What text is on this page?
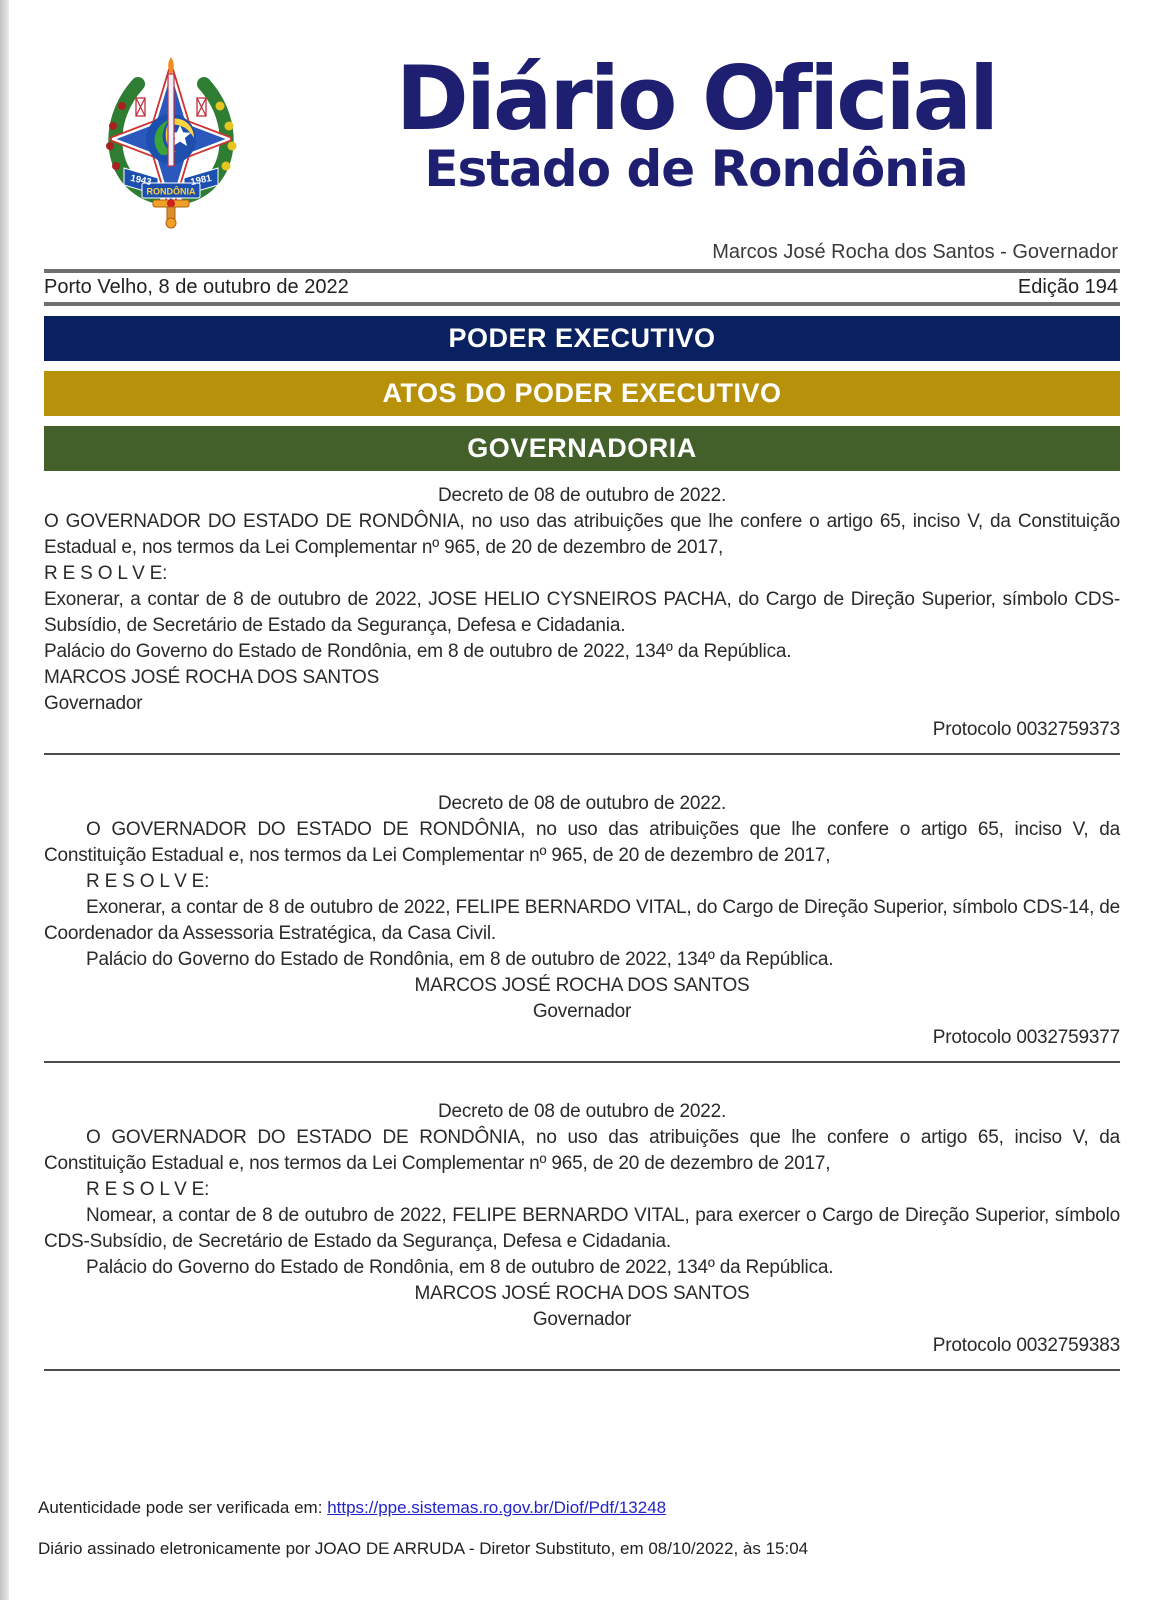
1943	1981
RONDÔNIA
Diário Oficial
Estado de Rondônia
Marcos José Rocha dos Santos - Governador
Porto Velho, 8 de outubro de 2022	Edição 194
PODER EXECUTIVO
ATOS DO PODER EXECUTIVO
GOVERNADORIA
Decreto de 08 de outubro de 2022.

O GOVERNADOR DO ESTADO DE RONDÔNIA, no uso das atribuições que lhe confere o artigo 65, inciso V, da Constituição Estadual e, nos termos da Lei Complementar nº 965, de 20 de dezembro de 2017,

R E S O L V E:

Exonerar, a contar de 8 de outubro de 2022, JOSE HELIO CYSNEIROS PACHA, do Cargo de Direção Superior, símbolo CDS-Subsídio, de Secretário de Estado da Segurança, Defesa e Cidadania.

Palácio do Governo do Estado de Rondônia, em 8 de outubro de 2022, 134º da República.

MARCOS JOSÉ ROCHA DOS SANTOS

Governador

Protocolo 0032759373
Decreto de 08 de outubro de 2022.

O GOVERNADOR DO ESTADO DE RONDÔNIA, no uso das atribuições que lhe confere o artigo 65, inciso V, da Constituição Estadual e, nos termos da Lei Complementar nº 965, de 20 de dezembro de 2017,

R E S O L V E:

Exonerar, a contar de 8 de outubro de 2022, FELIPE BERNARDO VITAL, do Cargo de Direção Superior, símbolo CDS-14, de Coordenador da Assessoria Estratégica, da Casa Civil.

Palácio do Governo do Estado de Rondônia, em 8 de outubro de 2022, 134º da República.

MARCOS JOSÉ ROCHA DOS SANTOS

Governador

Protocolo 0032759377
Decreto de 08 de outubro de 2022.

O GOVERNADOR DO ESTADO DE RONDÔNIA, no uso das atribuições que lhe confere o artigo 65, inciso V, da Constituição Estadual e, nos termos da Lei Complementar nº 965, de 20 de dezembro de 2017,

R E S O L V E:

Nomear, a contar de 8 de outubro de 2022, FELIPE BERNARDO VITAL, para exercer o Cargo de Direção Superior, símbolo CDS-Subsídio, de Secretário de Estado da Segurança, Defesa e Cidadania.

Palácio do Governo do Estado de Rondônia, em 8 de outubro de 2022, 134º da República.

MARCOS JOSÉ ROCHA DOS SANTOS

Governador

Protocolo 0032759383
Autenticidade pode ser verificada em: https://ppe.sistemas.ro.gov.br/Diof/Pdf/13248
Diário assinado eletronicamente por JOAO DE ARRUDA - Diretor Substituto, em 08/10/2022, às 15:04
